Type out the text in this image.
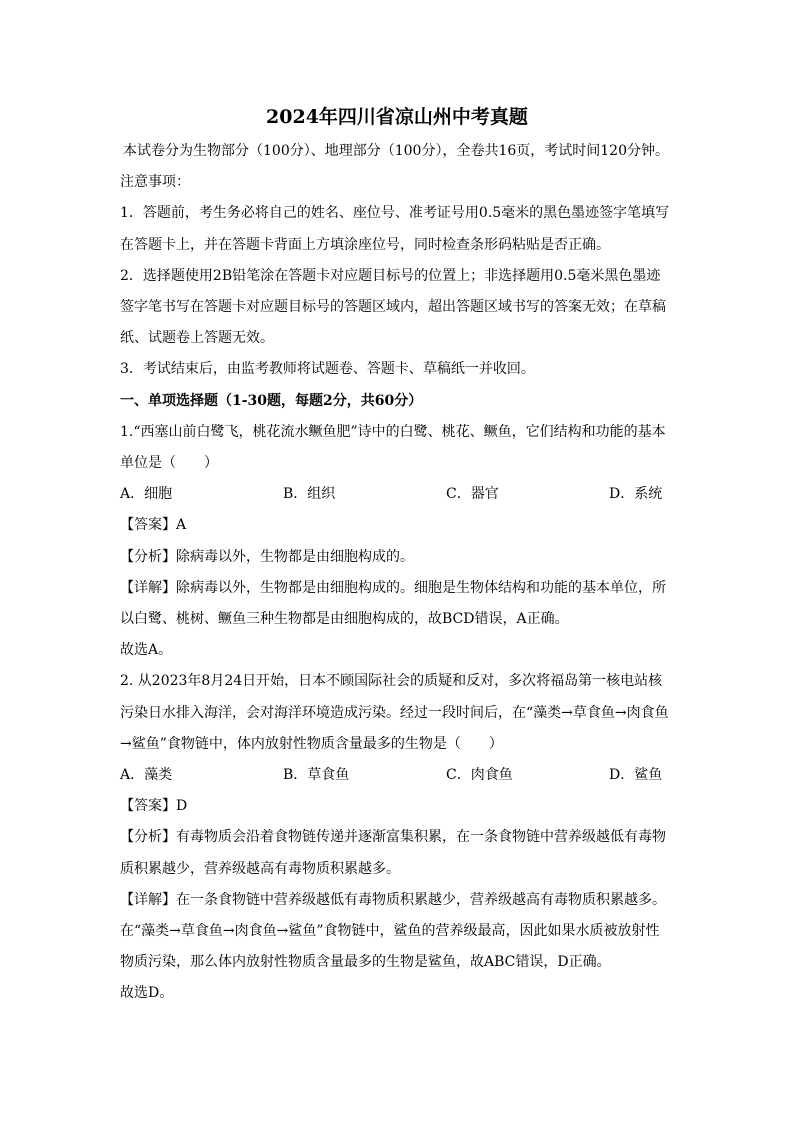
2024年四川省凉山州中考真题

本试卷分为生物部分（100分）、地理部分（100分），全卷共16页，考试时间120分钟。

注意事项：

1．答题前，考生务必将自己的姓名、座位号、准考证号用0.5毫米的黑色墨迹签字笔填写

在答题卡上，并在答题卡背面上方填涂座位号，同时检查条形码粘贴是否正确。

2．选择题使用2B铅笔涂在答题卡对应题目标号的位置上；非选择题用0.5毫米黑色墨迹

签字笔书写在答题卡对应题目标号的答题区域内，超出答题区域书写的答案无效；在草稿

纸、试题卷上答题无效。

3．考试结束后，由监考教师将试题卷、答题卡、草稿纸一并收回。

一、单项选择题（1-30题，每题2分，共60分）

1.“西塞山前白鹭飞，桃花流水鳜鱼肥”诗中的白鹭、桃花、鳜鱼，它们结构和功能的基本

单位是（　　）

A．细胞	B．组织	C．器官	D．系统

【答案】A

【分析】除病毒以外，生物都是由细胞构成的。

【详解】除病毒以外，生物都是由细胞构成的。细胞是生物体结构和功能的基本单位，所

以白鹭、桃树、鳜鱼三种生物都是由细胞构成的，故BCD错误，A正确。

故选A。

2. 从2023年8月24日开始，日本不顾国际社会的质疑和反对，多次将福岛第一核电站核

污染日水排入海洋，会对海洋环境造成污染。经过一段时间后，在“藻类→草食鱼→肉食鱼

→鲨鱼”食物链中，体内放射性物质含量最多的生物是（　　）

A．藻类	B．草食鱼	C．肉食鱼	D．鲨鱼

【答案】D

【分析】有毒物质会沿着食物链传递并逐渐富集积累，在一条食物链中营养级越低有毒物

质积累越少，营养级越高有毒物质积累越多。

【详解】在一条食物链中营养级越低有毒物质积累越少，营养级越高有毒物质积累越多。

在“藻类→草食鱼→肉食鱼→鲨鱼”食物链中，鲨鱼的营养级最高，因此如果水质被放射性

物质污染，那么体内放射性物质含量最多的生物是鲨鱼，故ABC错误，D正确。

故选D。
